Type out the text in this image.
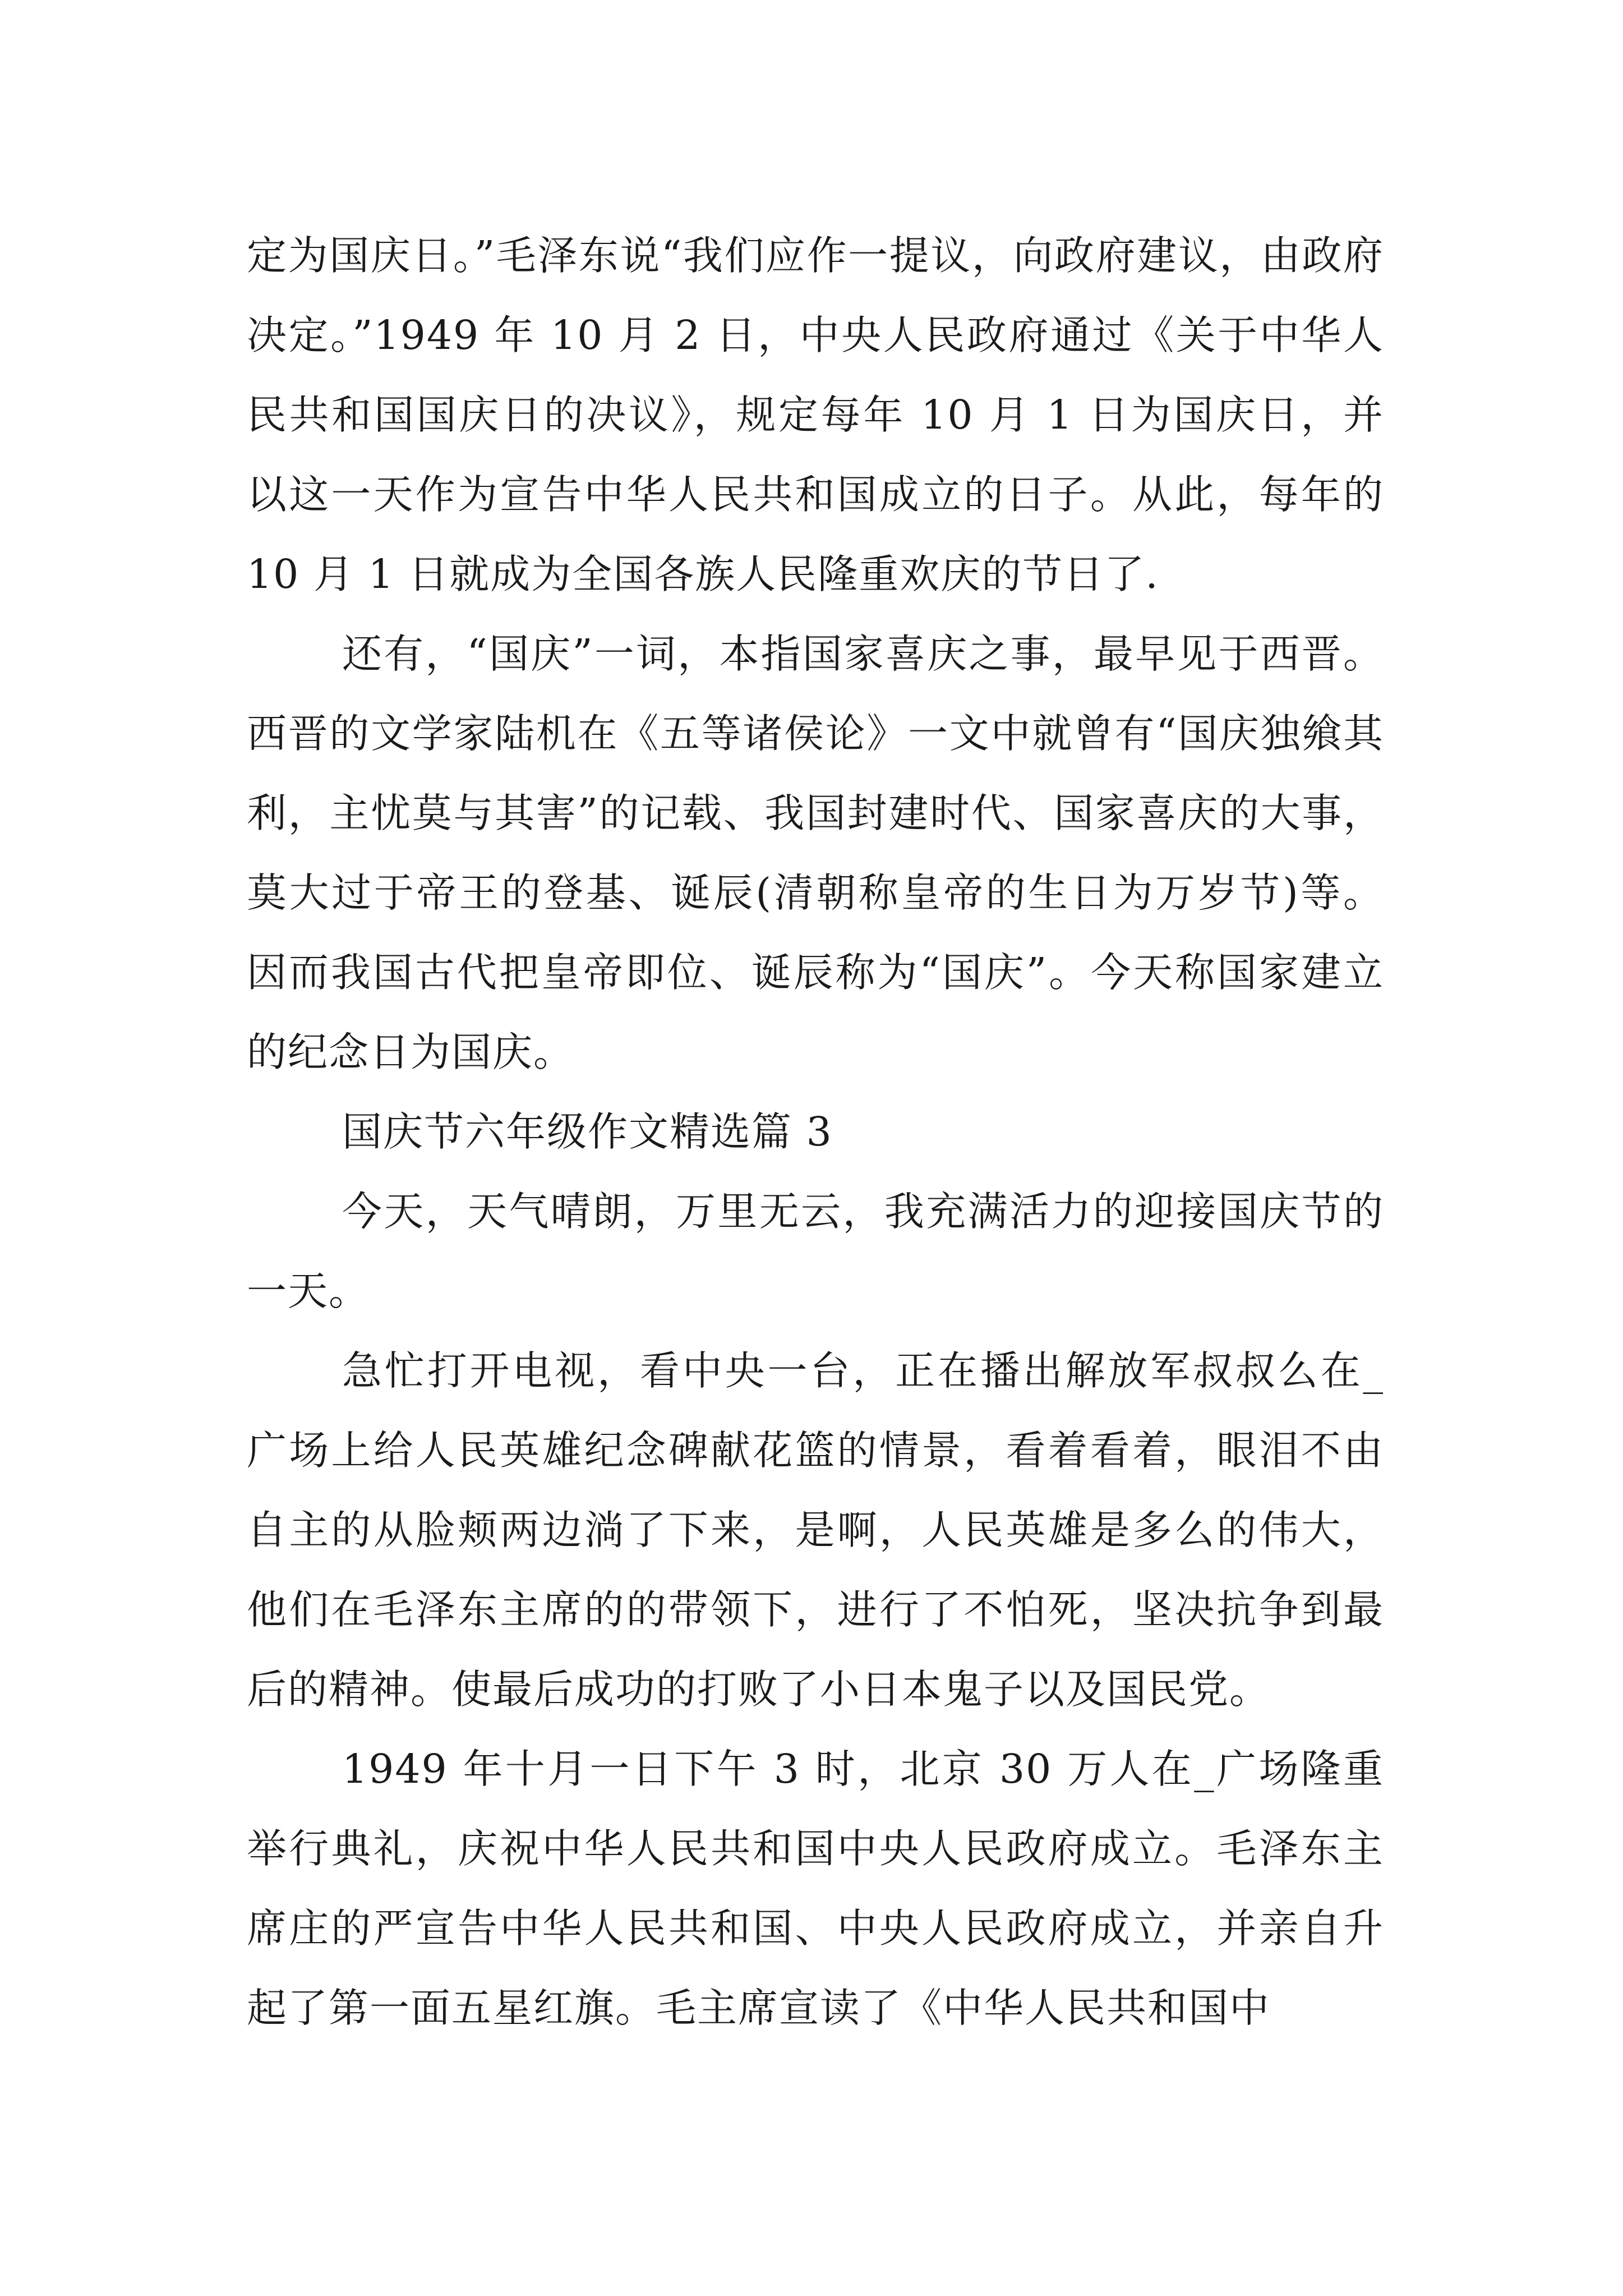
定为国庆日。”毛泽东说“我们应作一提议，向政府建议，由政府决定。”1949 年 10 月 2 日，中央人民政府通过《关于中华人民共和国国庆日的决议》，规定每年 10 月 1 日为国庆日，并以这一天作为宣告中华人民共和国成立的日子。从此，每年的 10 月 1 日就成为全国各族人民隆重欢庆的节日了.

还有，“国庆”一词，本指国家喜庆之事，最早见于西晋。西晋的文学家陆机在《五等诸侯论》一文中就曾有“国庆独飨其利，主忧莫与其害”的记载、我国封建时代、国家喜庆的大事，莫大过于帝王的登基、诞辰(清朝称皇帝的生日为万岁节)等。因而我国古代把皇帝即位、诞辰称为“国庆”。今天称国家建立的纪念日为国庆。

国庆节六年级作文精选篇 3

今天，天气晴朗，万里无云，我充满活力的迎接国庆节的一天。

急忙打开电视，看中央一台，正在播出解放军叔叔么在_广场上给人民英雄纪念碑献花篮的情景，看着看着，眼泪不由自主的从脸颊两边淌了下来，是啊，人民英雄是多么的伟大，他们在毛泽东主席的的带领下，进行了不怕死，坚决抗争到最后的精神。使最后成功的打败了小日本鬼子以及国民党。

1949 年十月一日下午 3 时，北京 30 万人在_广场隆重举行典礼，庆祝中华人民共和国中央人民政府成立。毛泽东主席庄的严宣告中华人民共和国、中央人民政府成立，并亲自升起了第一面五星红旗。毛主席宣读了《中华人民共和国中
